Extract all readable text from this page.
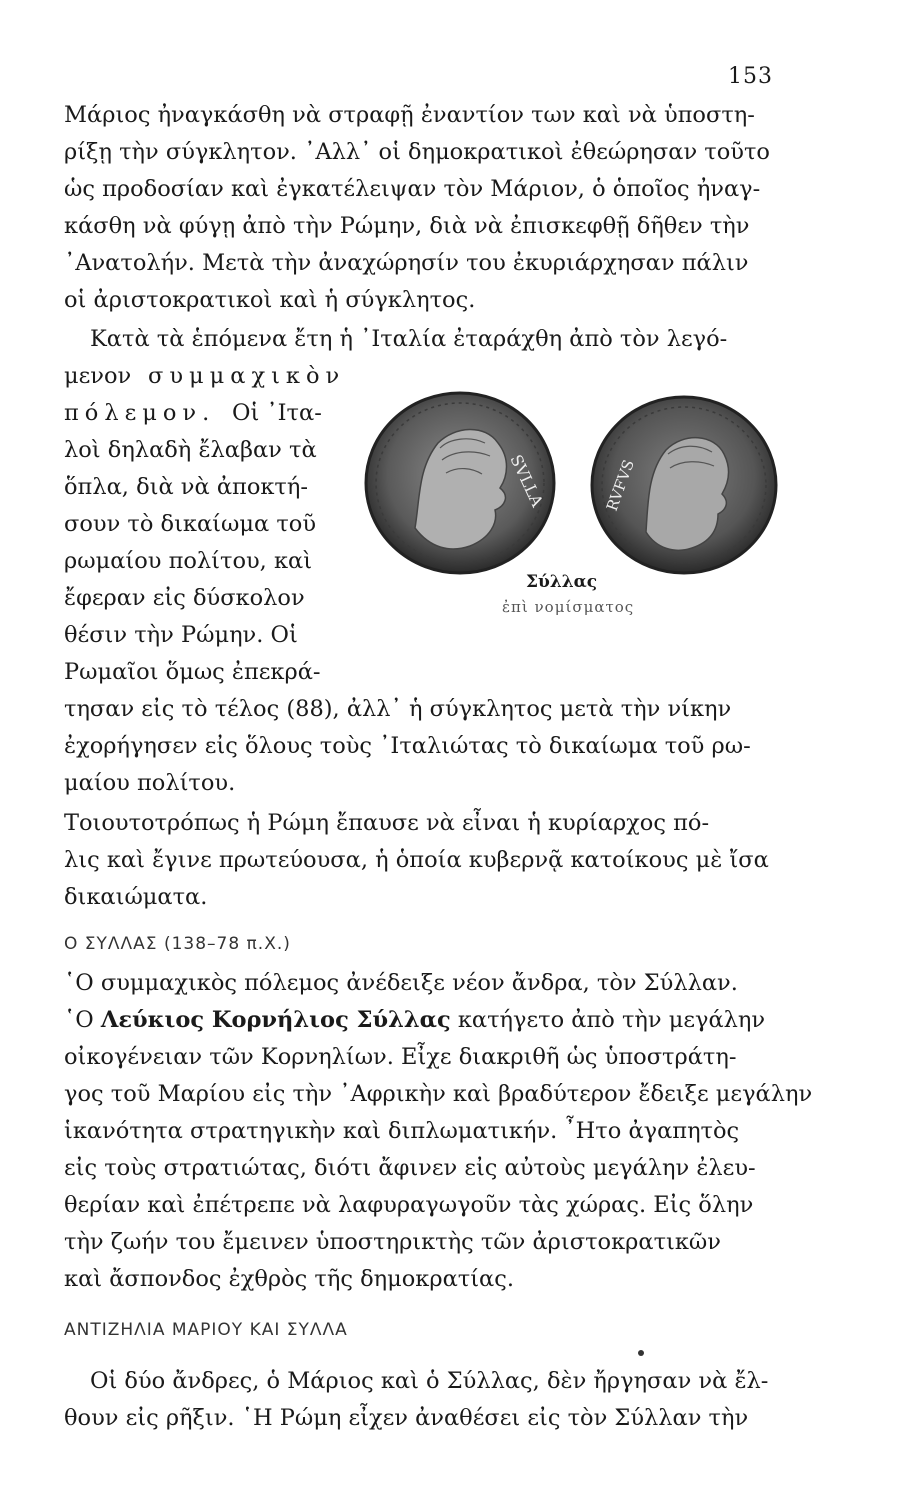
153
Μάριος ἠναγκάσθη νὰ στραφῇ ἐναντίον των καὶ νὰ ὑποστη-
ρίξῃ τὴν σύγκλητον. ᾿Αλλ᾽ οἱ δημοκρατικοὶ ἐθεώρησαν τοῦτο
ὡς προδοσίαν καὶ ἐγκατέλειψαν τὸν Μάριον, ὁ ὁποῖος ἠναγ-
κάσθη νὰ φύγῃ ἀπὸ τὴν Ρώμην, διὰ νὰ ἐπισκεφθῇ δῆθεν τὴν
᾿Ανατολήν. Μετὰ τὴν ἀναχώρησίν του ἐκυριάρχησαν πάλιν
οἱ ἀριστοκρατικοὶ καὶ ἡ σύγκλητος.
Κατὰ τὰ ἑπόμενα ἔτη ἡ ᾿Ιταλία ἐταράχθη ἀπὸ τὸν λεγό-
μενον συμμαχικὸν
πόλεμον. Οἱ ᾿Ιτα-
λοὶ δηλαδὴ ἔλαβαν τὰ
ὅπλα, διὰ νὰ ἀποκτή-
σουν τὸ δικαίωμα τοῦ
ρωμαίου πολίτου, καὶ
ἔφεραν εἰς δύσκολον
θέσιν τὴν Ρώμην. Οἱ
Ρωμαῖοι ὅμως ἐπεκρά-
τησαν εἰς τὸ τέλος (88), ἀλλ᾽ ἡ σύγκλητος μετὰ τὴν νίκην
ἐχορήγησεν εἰς ὅλους τοὺς ᾿Ιταλιώτας τὸ δικαίωμα τοῦ ρω-
μαίου πολίτου.
Τοιουτοτρόπως ἡ Ρώμη ἔπαυσε νὰ εἶναι ἡ κυρίαρχος πό-
λις καὶ ἔγινε πρωτεύουσα, ἡ ὁποία κυβερνᾷ κατοίκους μὲ ἴσα
δικαιώματα.
SVLLA	RVFVS
Σύλλας
ἐπὶ νομίσματος
Ο ΣΥΛΛΑΣ (138–78 π.Χ.)
῾Ο συμμαχικὸς πόλεμος ἀνέδειξε νέον ἄνδρα, τὸν Σύλλαν.
῾Ο Λεύκιος Κορνήλιος Σύλλας κατήγετο ἀπὸ τὴν μεγάλην
οἰκογένειαν τῶν Κορνηλίων. Εἶχε διακριθῆ ὡς ὑποστράτη-
γος τοῦ Μαρίου εἰς τὴν ᾿Αφρικὴν καὶ βραδύτερον ἔδειξε μεγάλην
ἱκανότητα στρατηγικὴν καὶ διπλωματικήν. ῏Ητο ἀγαπητὸς
εἰς τοὺς στρατιώτας, διότι ἄφινεν εἰς αὐτοὺς μεγάλην ἐλευ-
θερίαν καὶ ἐπέτρεπε νὰ λαφυραγωγοῦν τὰς χώρας. Εἰς ὅλην
τὴν ζωήν του ἔμεινεν ὑποστηρικτὴς τῶν ἀριστοκρατικῶν
καὶ ἄσπονδος ἐχθρὸς τῆς δημοκρατίας.
ΑΝΤΙΖΗΛΙΑ ΜΑΡΙΟΥ ΚΑΙ ΣΥΛΛΑ
Οἱ δύο ἄνδρες, ὁ Μάριος καὶ ὁ Σύλλας, δὲν ἤργησαν νὰ ἔλ-
θουν εἰς ρῆξιν. ῾Η Ρώμη εἶχεν ἀναθέσει εἰς τὸν Σύλλαν τὴν
